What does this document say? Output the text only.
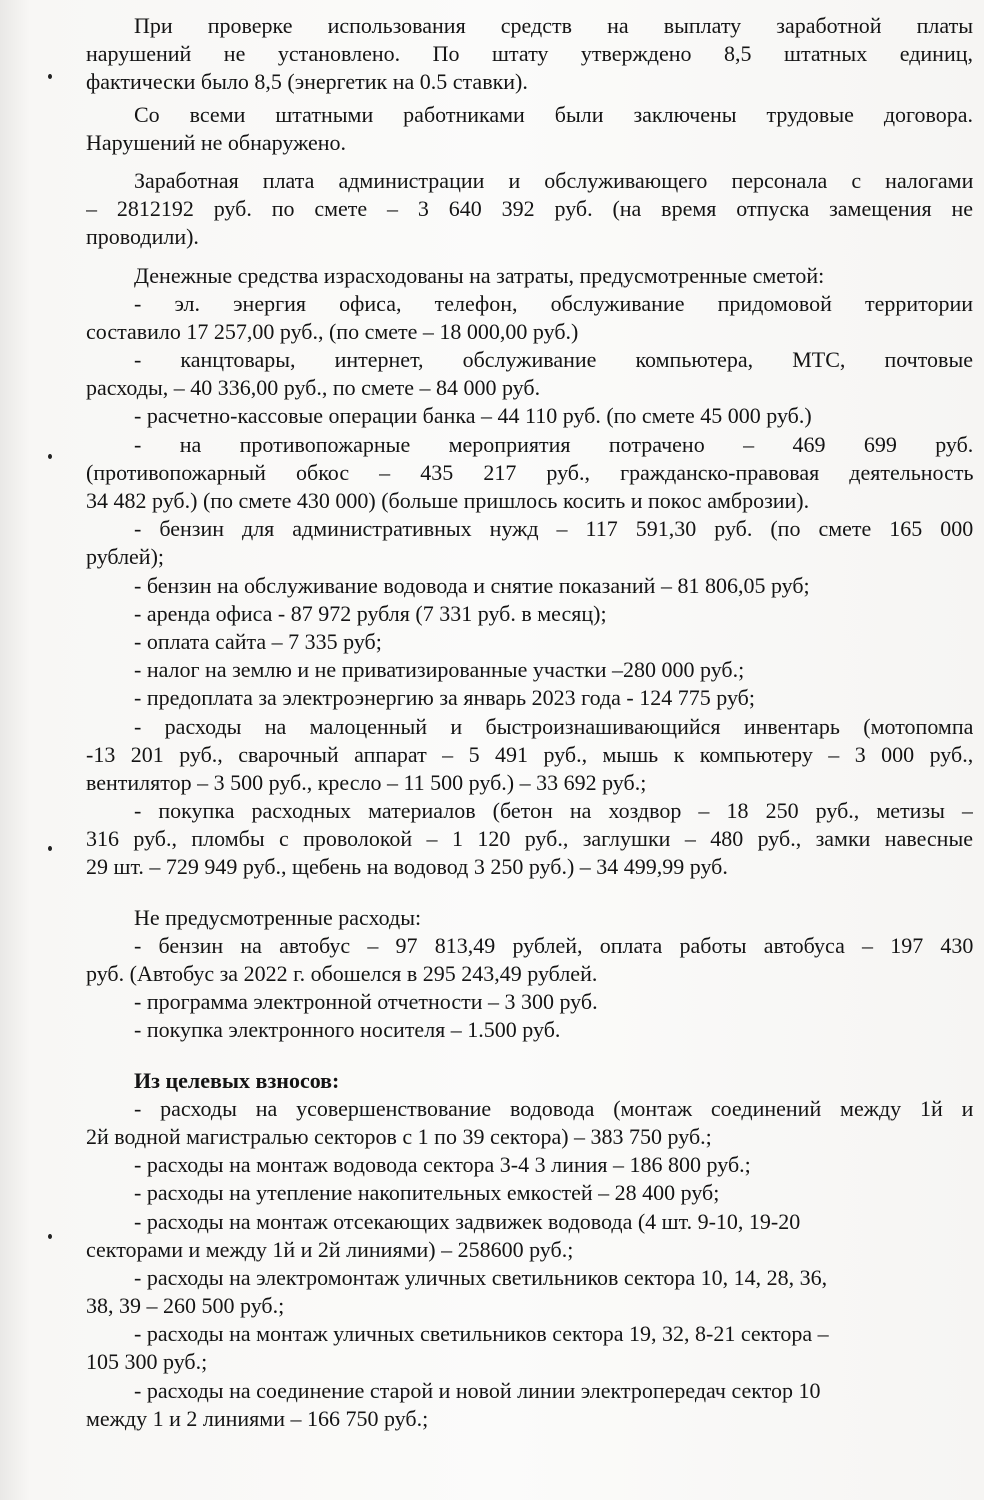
При проверке использования средств на выплату заработной платы
нарушений не установлено. По штату утверждено 8,5 штатных единиц,
фактически было 8,5 (энергетик на 0.5 ставки).
Со всеми штатными работниками были заключены трудовые договора.
Нарушений не обнаружено.
Заработная плата администрации и обслуживающего персонала с налогами
– 2812192 руб. по смете – 3 640 392 руб. (на время отпуска замещения не
проводили).
Денежные средства израсходованы на затраты, предусмотренные сметой:
- эл. энергия офиса, телефон, обслуживание придомовой территории
составило 17 257,00 руб., (по смете – 18 000,00 руб.)
- канцтовары, интернет, обслуживание компьютера, МТС, почтовые
расходы, – 40 336,00 руб., по смете – 84 000 руб.
- расчетно-кассовые операции банка – 44 110 руб. (по смете 45 000 руб.)
- на противопожарные мероприятия потрачено – 469 699 руб.
(противопожарный обкос – 435 217 руб., гражданско-правовая деятельность
34 482 руб.) (по смете 430 000) (больше пришлось косить и покос амброзии).
- бензин для административных нужд – 117 591,30 руб. (по смете 165 000
рублей);
- бензин на обслуживание водовода и снятие показаний – 81 806,05 руб;
- аренда офиса - 87 972 рубля (7 331 руб. в месяц);
- оплата сайта – 7 335 руб;
- налог на землю и не приватизированные участки –280 000 руб.;
- предоплата за электроэнергию за январь 2023 года - 124 775 руб;
- расходы на малоценный и быстроизнашивающийся инвентарь (мотопомпа
-13 201 руб., сварочный аппарат – 5 491 руб., мышь к компьютеру – 3 000 руб.,
вентилятор – 3 500 руб., кресло – 11 500 руб.) – 33 692 руб.;
- покупка расходных материалов (бетон на хоздвор – 18 250 руб., метизы –
316 руб., пломбы с проволокой – 1 120 руб., заглушки – 480 руб., замки навесные
29 шт. – 729 949 руб., щебень на водовод 3 250 руб.) – 34 499,99 руб.
Не предусмотренные расходы:
- бензин на автобус – 97 813,49 рублей, оплата работы автобуса – 197 430
руб. (Автобус за 2022 г. обошелся в 295 243,49 рублей.
- программа электронной отчетности – 3 300 руб.
- покупка электронного носителя – 1.500 руб.
Из целевых взносов:
- расходы на усовершенствование водовода (монтаж соединений между 1й и
2й водной магистралью секторов с 1 по 39 сектора) – 383 750 руб.;
- расходы на монтаж водовода сектора 3-4 3 линия – 186 800 руб.;
- расходы на утепление накопительных емкостей – 28 400 руб;
- расходы на монтаж отсекающих задвижек водовода (4 шт. 9-10, 19-20
секторами и между 1й и 2й линиями) – 258600 руб.;
- расходы на электромонтаж уличных светильников сектора 10, 14, 28, 36,
38, 39 – 260 500 руб.;
- расходы на монтаж уличных светильников сектора 19, 32, 8-21 сектора –
105 300 руб.;
- расходы на соединение старой и новой линии электропередач сектор 10
между 1 и 2 линиями – 166 750 руб.;
